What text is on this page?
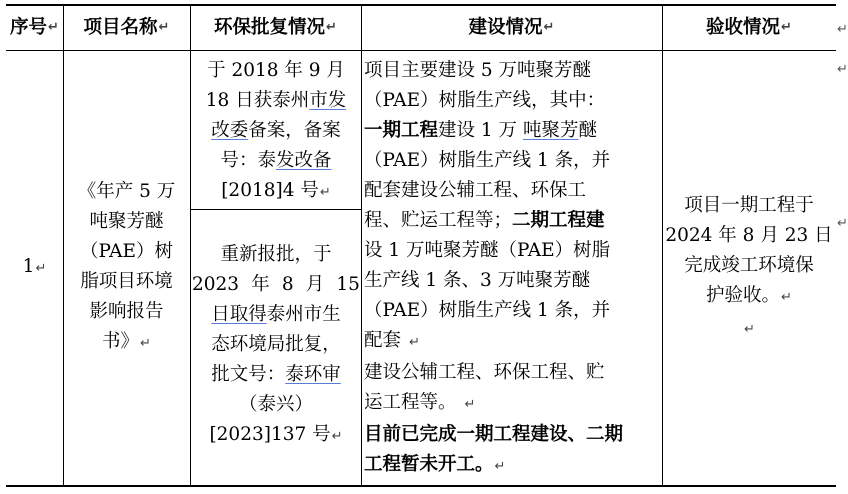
序号 ↵ 项目名称 ↵ 环保批复情况 ↵	建设情况 ↵	验收情况 ↵
1↵
《年产 5 万
吨聚芳醚
（PAE）树
脂项目环境
影响报告
书》↵
于 2018 年 9 月
18 日获泰州市发
改委备案，备案
号：泰发改备
[2018]4 号↵
重新报批，于
2023 年 8 月 15
日取得泰州市生
态环境局批复，
批文号：泰环审
（泰兴）
[2023]137 号↵
项目主要建设 5 万吨聚芳醚
（PAE）树脂生产线，其中：
一期工程建设 1 万 吨聚芳醚
（PAE）树脂生产线 1 条，并
配套建设公辅工程、环保工
程、贮运工程等；二期工程建
设 1 万吨聚芳醚（PAE）树脂
生产线 1 条、3 万吨聚芳醚
（PAE）树脂生产线 1 条，并
配套 ↵
建设公辅工程、环保工程、贮
运工程等。 ↵
目前已完成一期工程建设、二期
工程暂未开工。↵
项目一期工程于
2024 年 8 月 23 日
完成竣工环境保
护验收。↵
↵
↵
↵
↵
